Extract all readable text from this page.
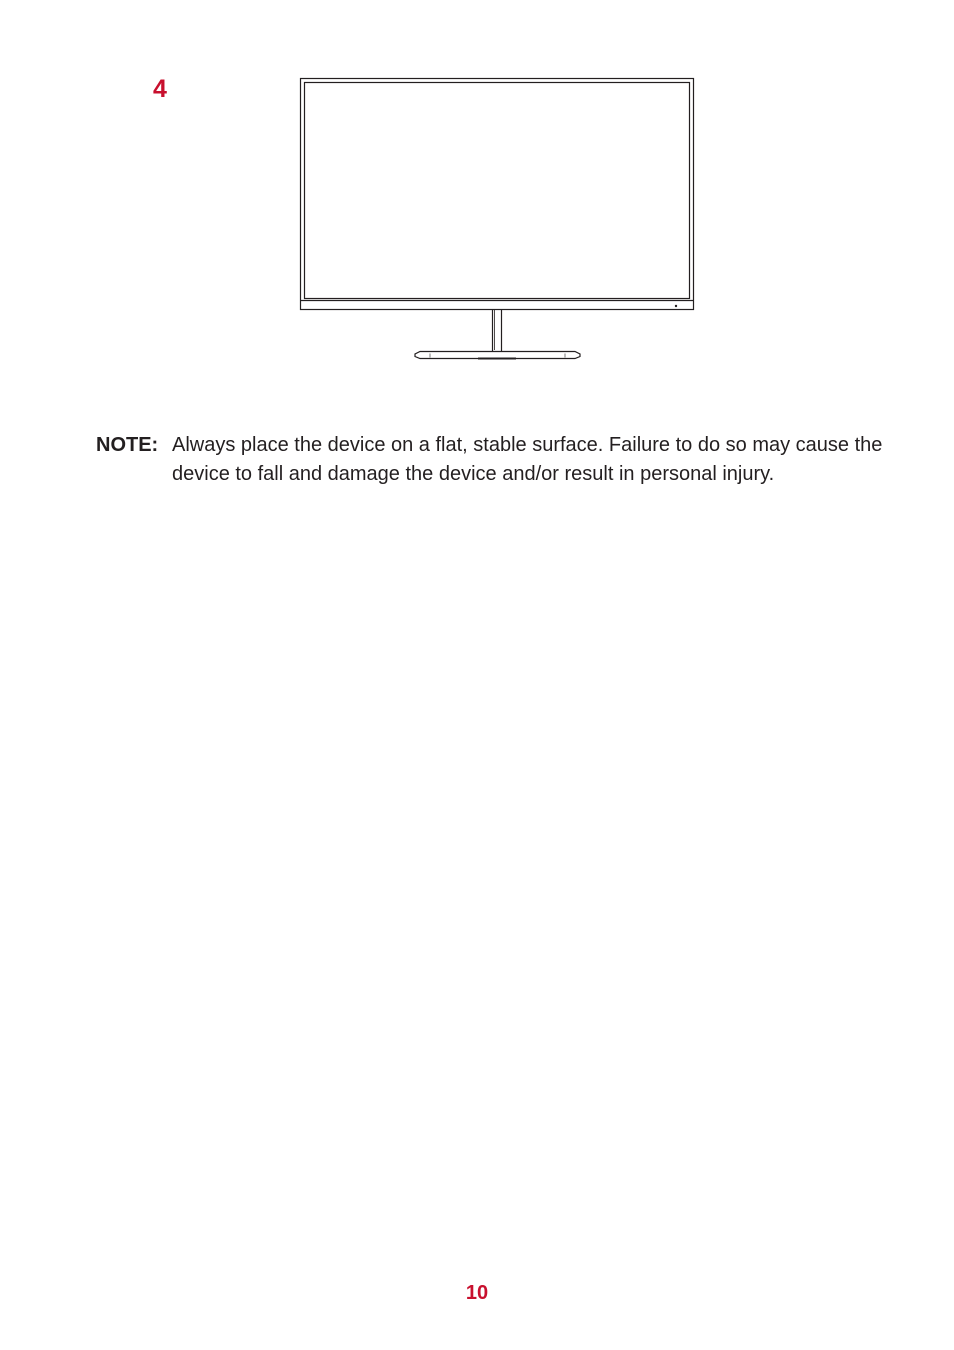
4
NOTE: Always place the device on a flat, stable surface. Failure to do so may cause the device to fall and damage the device and/or result in personal injury.
10
